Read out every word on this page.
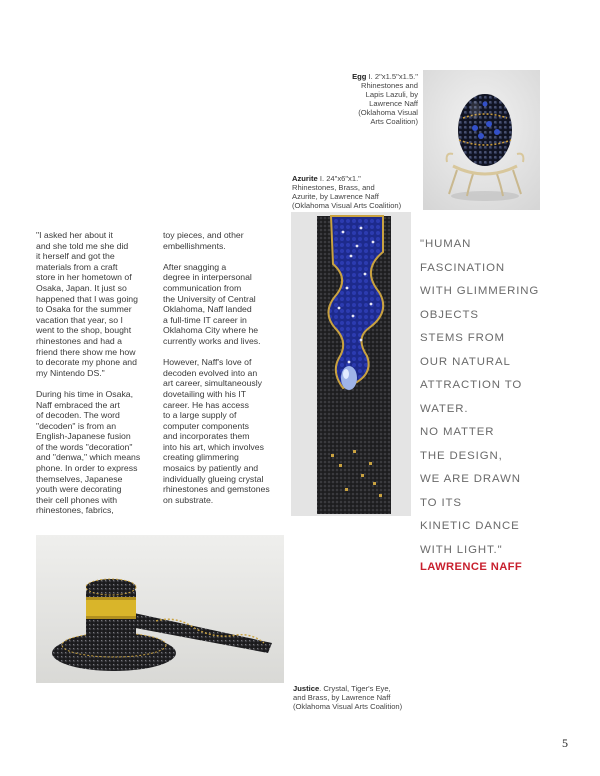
Egg I. 2"x1.5"x1.5."
Rhinestones and
Lapis Lazuli, by
Lawrence Naff
(Oklahoma Visual
Arts Coalition)
Azurite I. 24"x6"x1."
Rhinestones, Brass, and
Azurite, by Lawrence Naff
(Oklahoma Visual Arts Coalition)

"I asked her about it
and she told me she did
it herself and got the
materials from a craft
store in her hometown of
Osaka, Japan. It just so
happened that I was going
to Osaka for the summer
vacation that year, so I
went to the shop, bought
rhinestones and had a
friend there show me how
to decorate my phone and
my Nintendo DS."

During his time in Osaka,
Naff embraced the art
of decoden. The word
"decoden" is from an
English-Japanese fusion
of the words "decoration"
and "denwa," which means
phone. In order to express
themselves, Japanese
youth were decorating
their cell phones with
rhinestones, fabrics,

toy pieces, and other
embellishments.

After snagging a
degree in interpersonal
communication from
the University of Central
Oklahoma, Naff landed
a full-time IT career in
Oklahoma City where he
currently works and lives.

However, Naff's love of
decoden evolved into an
art career, simultaneously
dovetailing with his IT
career. He has access
to a large supply of
computer components
and incorporates them
into his art, which involves
creating glimmering
mosaics by patiently and
individually glueing crystal
rhinestones and gemstones
on substrate.

"HUMAN
FASCINATION
WITH GLIMMERING
OBJECTS
STEMS FROM
OUR NATURAL
ATTRACTION TO
WATER.
NO MATTER
THE DESIGN,
WE ARE DRAWN
TO ITS
KINETIC DANCE
WITH LIGHT."
LAWRENCE NAFF
Justice. Crystal, Tiger's Eye,
and Brass, by Lawrence Naff
(Oklahoma Visual Arts Coalition)
5
